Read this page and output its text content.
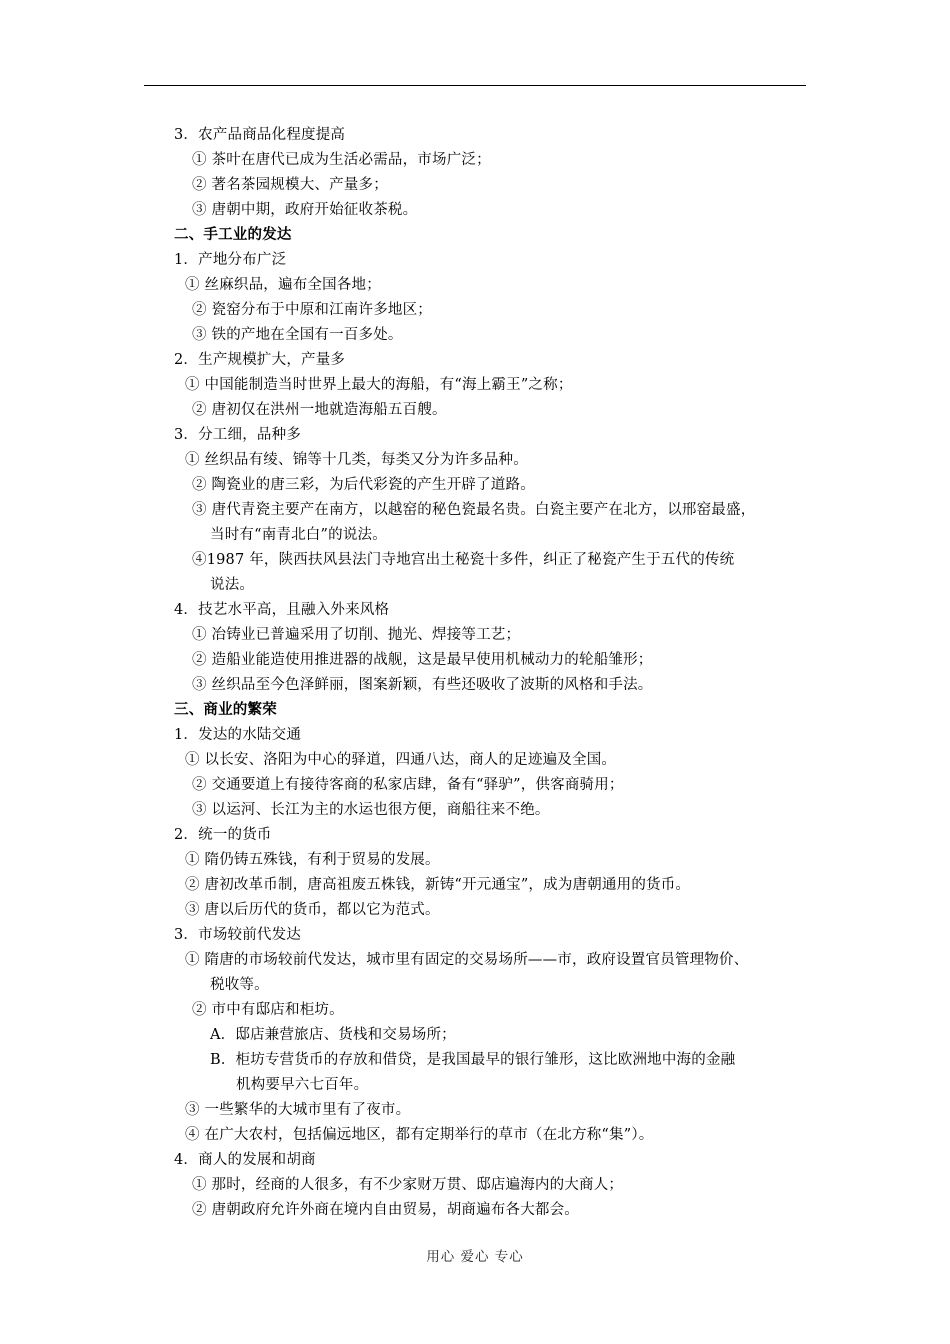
3．农产品商品化程度提高
① 茶叶在唐代已成为生活必需品，市场广泛；
② 著名茶园规模大、产量多；
③ 唐朝中期，政府开始征收茶税。
二、手工业的发达
1．产地分布广泛
① 丝麻织品，遍布全国各地；
② 瓷窑分布于中原和江南许多地区；
③ 铁的产地在全国有一百多处。
2．生产规模扩大，产量多
① 中国能制造当时世界上最大的海船，有“海上霸王”之称；
② 唐初仅在洪州一地就造海船五百艘。
3．分工细，品种多
① 丝织品有绫、锦等十几类，每类又分为许多品种。
② 陶瓷业的唐三彩，为后代彩瓷的产生开辟了道路。
③ 唐代青瓷主要产在南方，以越窑的秘色瓷最名贵。白瓷主要产在北方，以邢窑最盛，
当时有“南青北白”的说法。
④1987 年，陕西扶风县法门寺地宫出土秘瓷十多件，纠正了秘瓷产生于五代的传统
说法。
4．技艺水平高，且融入外来风格
① 冶铸业已普遍采用了切削、抛光、焊接等工艺；
② 造船业能造使用推进器的战舰，这是最早使用机械动力的轮船雏形；
③ 丝织品至今色泽鲜丽，图案新颖，有些还吸收了波斯的风格和手法。
三、商业的繁荣
1．发达的水陆交通
① 以长安、洛阳为中心的驿道，四通八达，商人的足迹遍及全国。
② 交通要道上有接待客商的私家店肆，备有“驿驴”，供客商骑用；
③ 以运河、长江为主的水运也很方便，商船往来不绝。
2．统一的货币
① 隋仍铸五殊钱，有利于贸易的发展。
② 唐初改革币制，唐高祖废五株钱，新铸“开元通宝”，成为唐朝通用的货币。
③ 唐以后历代的货币，都以它为范式。
3．市场较前代发达
① 隋唐的市场较前代发达，城市里有固定的交易场所——市，政府设置官员管理物价、
税收等。
② 市中有邸店和柜坊。
A．邸店兼营旅店、货栈和交易场所；
B．柜坊专营货币的存放和借贷，是我国最早的银行雏形，这比欧洲地中海的金融
机构要早六七百年。
③ 一些繁华的大城市里有了夜市。
④ 在广大农村，包括偏远地区，都有定期举行的草市（在北方称“集”）。
4．商人的发展和胡商
① 那时，经商的人很多，有不少家财万贯、邸店遍海内的大商人；
② 唐朝政府允许外商在境内自由贸易，胡商遍布各大都会。
用心 爱心 专心
